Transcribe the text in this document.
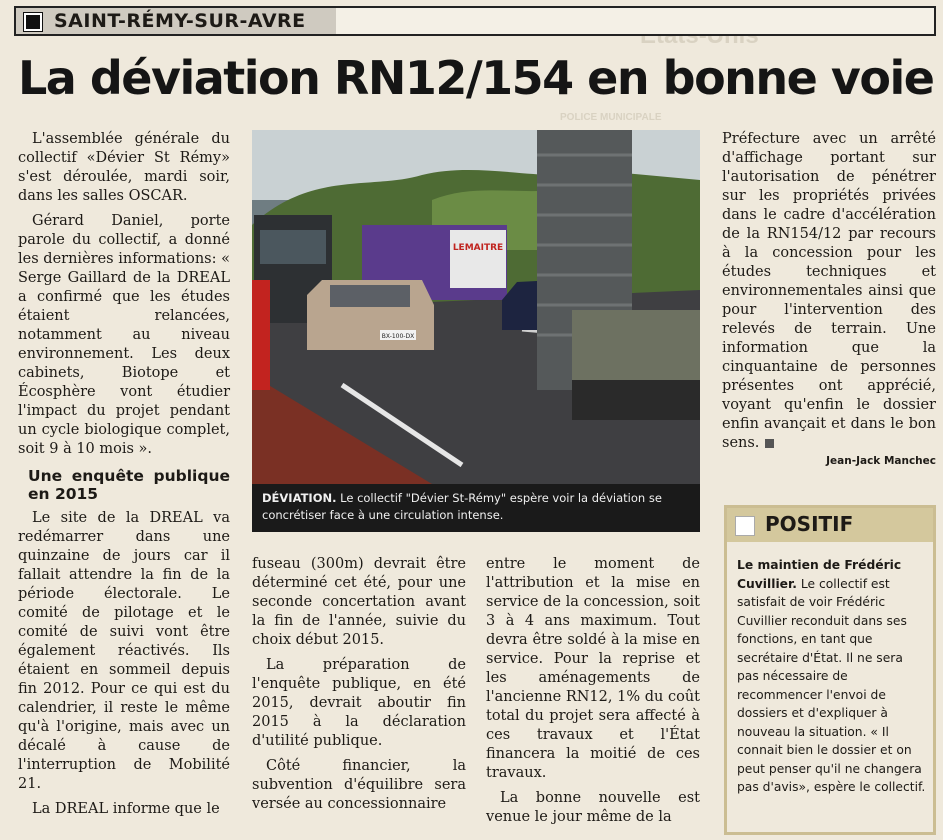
POLICE MUNICIPALE
SAINT-RÉMY-SUR-AVRE
La déviation RN12/154 en bonne voie

L'assemblée générale du collectif «Dévier St Rémy» s'est déroulée, mardi soir, dans les salles OSCAR.

Gérard Daniel, porte parole du collectif, a donné les dernières informations: « Serge Gaillard de la DREAL a confirmé que les études étaient relancées, notamment au niveau environnement. Les deux cabinets, Biotope et Écosphère vont étudier l'impact du projet pendant un cycle biologique complet, soit 9 à 10 mois ».

Une enquête publique en 2015

Le site de la DREAL va redémarrer dans une quinzaine de jours car il fallait attendre la fin de la période électorale. Le comité de pilotage et le comité de suivi vont être également réactivés. Ils étaient en sommeil depuis fin 2012. Pour ce qui est du calendrier, il reste le même qu'à l'origine, mais avec un décalé à cause de l'interruption de Mobilité 21.

La DREAL informe que le

LEMAITRE
BX-100-DX
DÉVIATION. Le collectif "Dévier St-Rémy" espère voir la déviation se concrétiser face à une circulation intense.

fuseau (300m) devrait être déterminé cet été, pour une seconde concertation avant la fin de l'année, suivie du choix début 2015.

La préparation de l'enquête publique, en été 2015, devrait aboutir fin 2015 à la déclaration d'utilité publique.

Côté financier, la subvention d'équilibre sera versée au concessionnaire

entre le moment de l'attribution et la mise en service de la concession, soit 3 à 4 ans maximum. Tout devra être soldé à la mise en service. Pour la reprise et les aménagements de l'ancienne RN12, 1% du coût total du projet sera affecté à ces travaux et l'État financera la moitié de ces travaux.

La bonne nouvelle est venue le jour même de la

Préfecture avec un arrêté d'affichage portant sur l'autorisation de pénétrer sur les propriétés privées dans le cadre d'accélération de la RN154/12 par recours à la concession pour les études techniques et environnementales ainsi que pour l'intervention des relevés de terrain. Une information que la cinquantaine de personnes présentes ont apprécié, voyant qu'enfin le dossier enfin avançait et dans le bon sens.

Jean-Jack Manchec
POSITIF
Le maintien de Frédéric Cuvillier. Le collectif est satisfait de voir Frédéric Cuvillier reconduit dans ses fonctions, en tant que secrétaire d'État. Il ne sera pas nécessaire de recommencer l'envoi de dossiers et d'expliquer à nouveau la situation. « Il connait bien le dossier et on peut penser qu'il ne changera pas d'avis», espère le collectif.
